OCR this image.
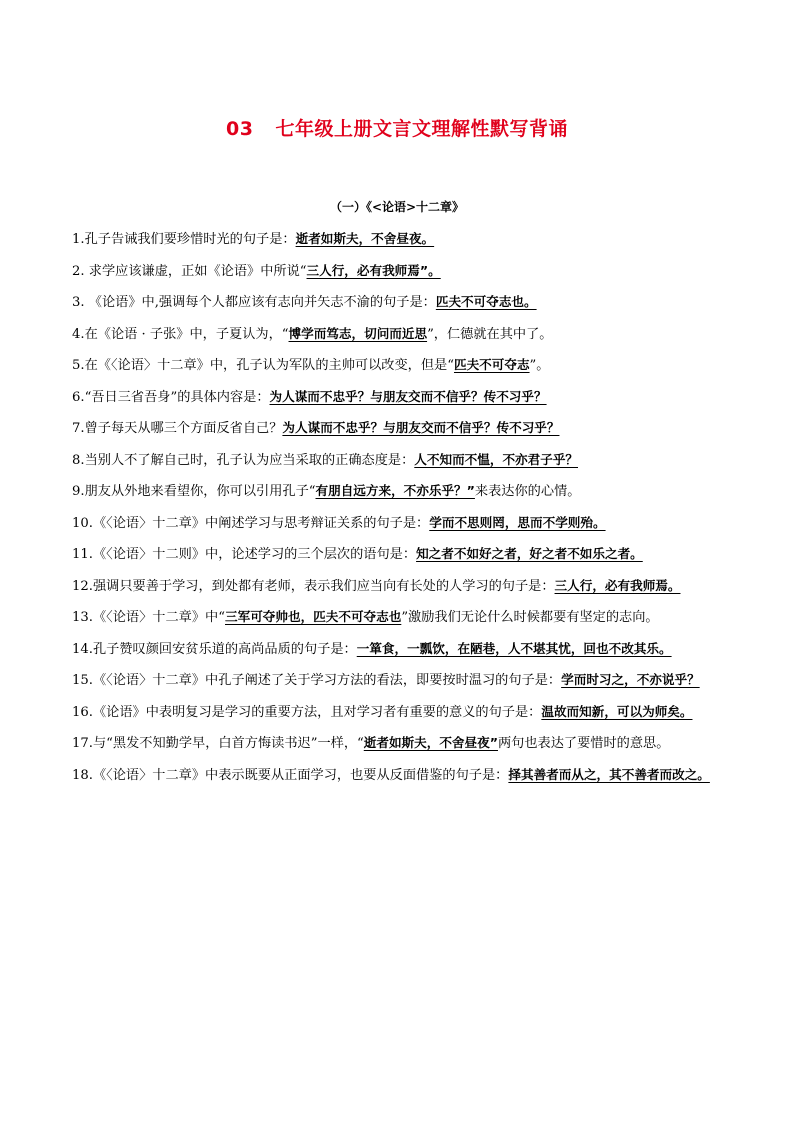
03 七年级上册文言文理解性默写背诵
（一）《<论语>十二章》

1.孔子告诫我们要珍惜时光的句子是：逝者如斯夫，不舍昼夜。

2. 求学应该谦虚，正如《论语》中所说“三人行，必有我师焉”。

3. 《论语》中,强调每个人都应该有志向并矢志不渝的句子是：匹夫不可夺志也。

4.在《论语 · 子张》中，子夏认为，“博学而笃志，切问而近思”，仁德就在其中了。

5.在《〈论语〉十二章》中，孔子认为军队的主帅可以改变，但是“匹夫不可夺志”。

6.“吾日三省吾身”的具体内容是：为人谋而不忠乎？与朋友交而不信乎？传不习乎？

7.曾子每天从哪三个方面反省自己？为人谋而不忠乎？与朋友交而不信乎？传不习乎？

8.当别人不了解自己时，孔子认为应当采取的正确态度是：人不知而不愠，不亦君子乎？

9.朋友从外地来看望你，你可以引用孔子“有朋自远方来，不亦乐乎？”来表达你的心情。

10.《〈论语〉十二章》中阐述学习与思考辩证关系的句子是：学而不思则罔，思而不学则殆。

11.《〈论语〉十二则》中，论述学习的三个层次的语句是：知之者不如好之者，好之者不如乐之者。

12.强调只要善于学习，到处都有老师，表示我们应当向有长处的人学习的句子是：三人行，必有我师焉。

13.《〈论语〉十二章》中“三军可夺帅也，匹夫不可夺志也”激励我们无论什么时候都要有坚定的志向。

14.孔子赞叹颜回安贫乐道的高尚品质的句子是：一箪食，一瓢饮，在陋巷，人不堪其忧，回也不改其乐。

15.《〈论语〉十二章》中孔子阐述了关于学习方法的看法，即要按时温习的句子是：学而时习之，不亦说乎？

16.《论语》中表明复习是学习的重要方法，且对学习者有重要的意义的句子是：温故而知新，可以为师矣。

17.与“黑发不知勤学早，白首方悔读书迟”一样，“逝者如斯夫，不舍昼夜”两句也表达了要惜时的意思。

18.《〈论语〉十二章》中表示既要从正面学习，也要从反面借鉴的句子是：择其善者而从之，其不善者而改之。
